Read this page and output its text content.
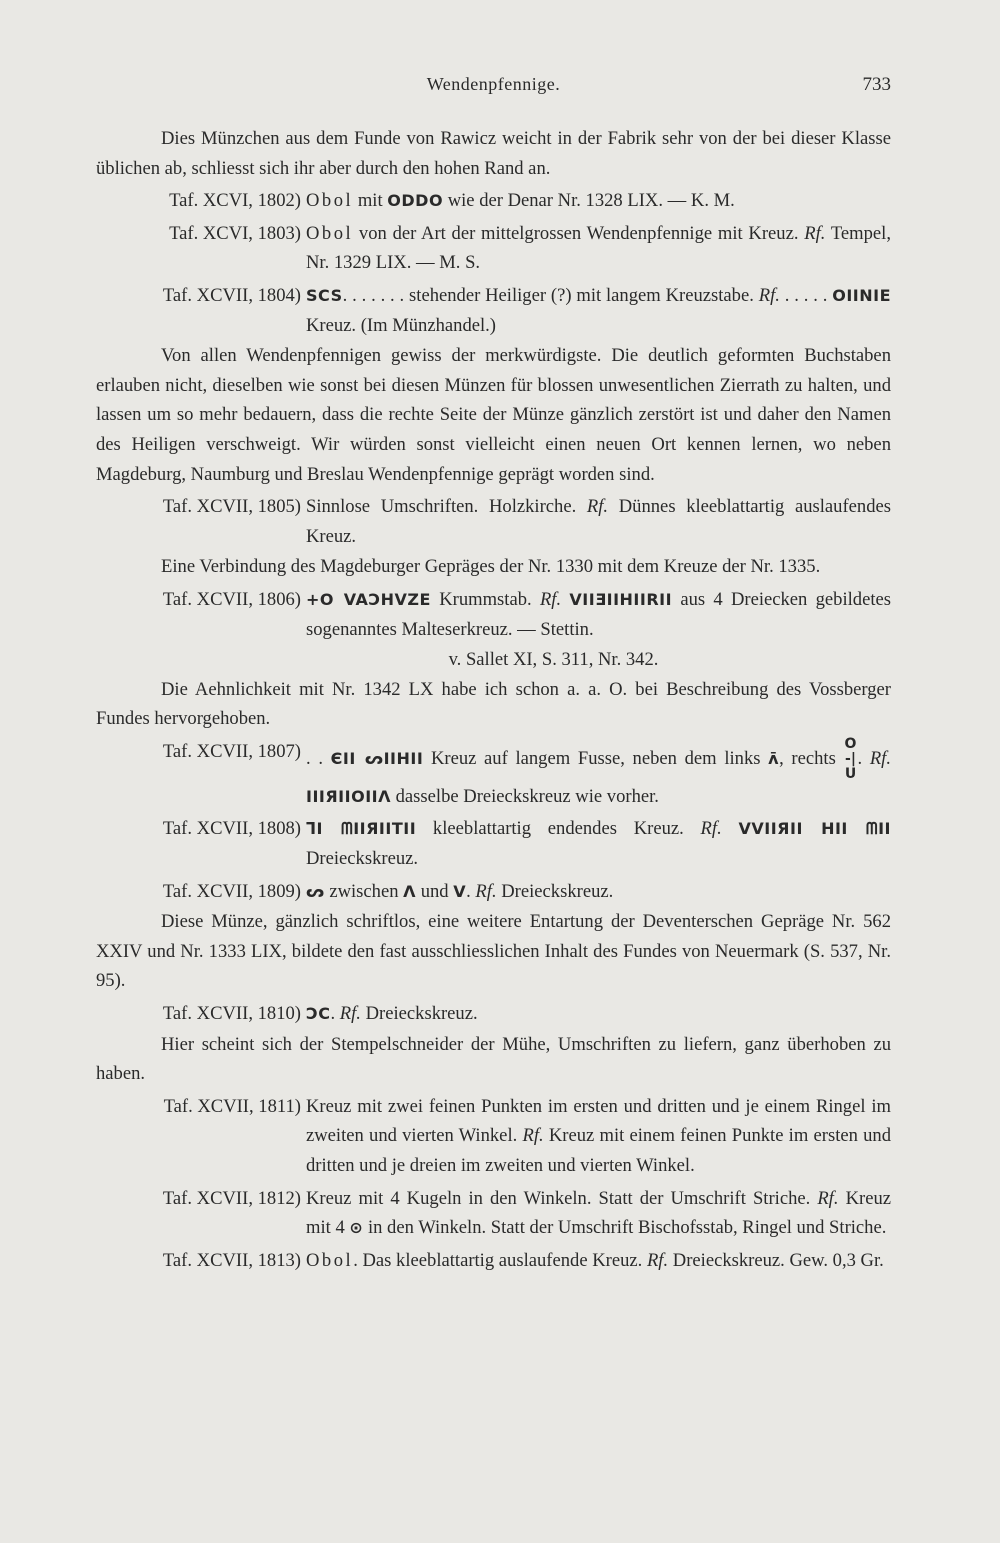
Wendenpfennige.	733

Dies Münzchen aus dem Funde von Rawicz weicht in der Fabrik sehr von der bei dieser Klasse üblichen ab, schliesst sich ihr aber durch den hohen Rand an.

Taf. XCVI, 1802) Obol mit ODDO wie der Denar Nr. 1328 LIX. — K. M.
Taf. XCVI, 1803) Obol von der Art der mittelgrossen Wendenpfennige mit Kreuz. Rf. Tempel, Nr. 1329 LIX. — M. S.
Taf. XCVII, 1804) SCS. . . . . . . stehender Heiliger (?) mit langem Kreuzstabe. Rf. . . . . . OIINIE Kreuz. (Im Münzhandel.)

Von allen Wendenpfennigen gewiss der merkwürdigste. Die deutlich geformten Buchstaben erlauben nicht, dieselben wie sonst bei diesen Münzen für blossen unwesentlichen Zierrath zu halten, und lassen um so mehr bedauern, dass die rechte Seite der Münze gänzlich zerstört ist und daher den Namen des Heiligen verschweigt. Wir würden sonst vielleicht einen neuen Ort kennen lernen, wo neben Magdeburg, Naumburg und Breslau Wendenpfennige geprägt worden sind.

Taf. XCVII, 1805) Sinnlose Umschriften. Holzkirche. Rf. Dünnes kleeblattartig auslaufendes Kreuz.

Eine Verbindung des Magdeburger Gepräges der Nr. 1330 mit dem Kreuze der Nr. 1335.

Taf. XCVII, 1806) +O VAƆHVZE Krummstab. Rf. VIIƎIIHIIRII aus 4 Dreiecken gebildetes sogenanntes Malteserkreuz. — Stettin.
v. Sallet XI, S. 311, Nr. 342.

Die Aehnlichkeit mit Nr. 1342 LX habe ich schon a. a. O. bei Beschreibung des Vossberger Fundes hervorgehoben.

Taf. XCVII, 1807) . . ЄII ᔕIIHII Kreuz auf langem Fusse, neben dem links ʌ̄, rechts
O
-|
U
. Rf. IIIЯIIOIIΛ dasselbe Dreieckskreuz wie vorher.
Taf. XCVII, 1808) ᒣI ᗰIIЯIITII kleeblattartig endendes Kreuz. Rf. VVIIЯII HII ᗰII Dreieckskreuz.
Taf. XCVII, 1809) ᔕ zwischen Λ und V. Rf. Dreieckskreuz.

Diese Münze, gänzlich schriftlos, eine weitere Entartung der Deventerschen Gepräge Nr. 562 XXIV und Nr. 1333 LIX, bildete den fast ausschliesslichen Inhalt des Fundes von Neuermark (S. 537, Nr. 95).

Taf. XCVII, 1810) ƆC. Rf. Dreieckskreuz.

Hier scheint sich der Stempelschneider der Mühe, Umschriften zu liefern, ganz überhoben zu haben.

Taf. XCVII, 1811) Kreuz mit zwei feinen Punkten im ersten und dritten und je einem Ringel im zweiten und vierten Winkel. Rf. Kreuz mit einem feinen Punkte im ersten und dritten und je dreien im zweiten und vierten Winkel.
Taf. XCVII, 1812) Kreuz mit 4 Kugeln in den Winkeln. Statt der Umschrift Striche. Rf. Kreuz mit 4 ⊙ in den Winkeln. Statt der Umschrift Bischofsstab, Ringel und Striche.
Taf. XCVII, 1813) Obol. Das kleeblattartig auslaufende Kreuz. Rf. Dreieckskreuz. Gew. 0,3 Gr.
